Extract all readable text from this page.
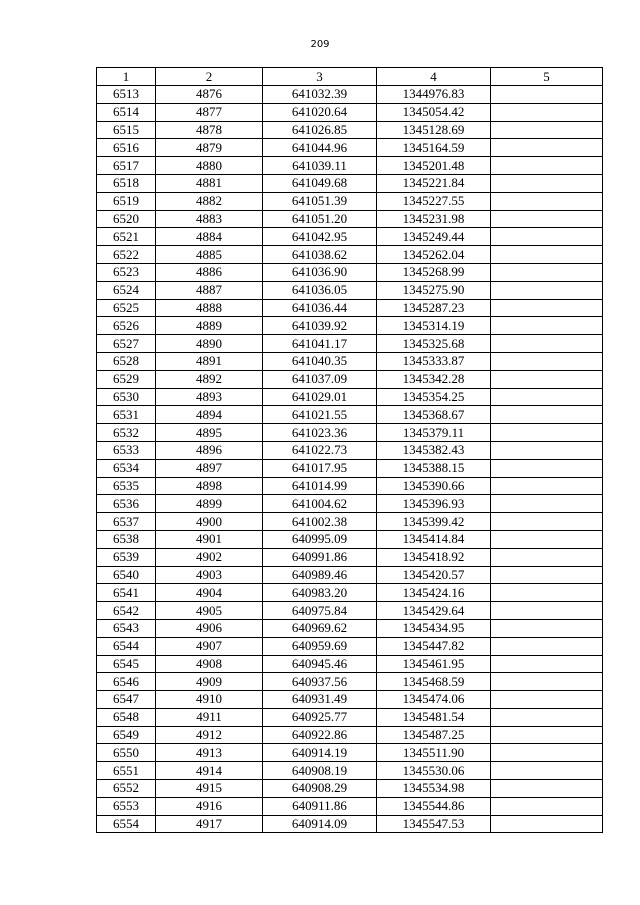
209
1	2	3	4	5
6513	4876	641032.39	1344976.83	
6514	4877	641020.64	1345054.42	
6515	4878	641026.85	1345128.69	
6516	4879	641044.96	1345164.59	
6517	4880	641039.11	1345201.48	
6518	4881	641049.68	1345221.84	
6519	4882	641051.39	1345227.55	
6520	4883	641051.20	1345231.98	
6521	4884	641042.95	1345249.44	
6522	4885	641038.62	1345262.04	
6523	4886	641036.90	1345268.99	
6524	4887	641036.05	1345275.90	
6525	4888	641036.44	1345287.23	
6526	4889	641039.92	1345314.19	
6527	4890	641041.17	1345325.68	
6528	4891	641040.35	1345333.87	
6529	4892	641037.09	1345342.28	
6530	4893	641029.01	1345354.25	
6531	4894	641021.55	1345368.67	
6532	4895	641023.36	1345379.11	
6533	4896	641022.73	1345382.43	
6534	4897	641017.95	1345388.15	
6535	4898	641014.99	1345390.66	
6536	4899	641004.62	1345396.93	
6537	4900	641002.38	1345399.42	
6538	4901	640995.09	1345414.84	
6539	4902	640991.86	1345418.92	
6540	4903	640989.46	1345420.57	
6541	4904	640983.20	1345424.16	
6542	4905	640975.84	1345429.64	
6543	4906	640969.62	1345434.95	
6544	4907	640959.69	1345447.82	
6545	4908	640945.46	1345461.95	
6546	4909	640937.56	1345468.59	
6547	4910	640931.49	1345474.06	
6548	4911	640925.77	1345481.54	
6549	4912	640922.86	1345487.25	
6550	4913	640914.19	1345511.90	
6551	4914	640908.19	1345530.06	
6552	4915	640908.29	1345534.98	
6553	4916	640911.86	1345544.86	
6554	4917	640914.09	1345547.53	
